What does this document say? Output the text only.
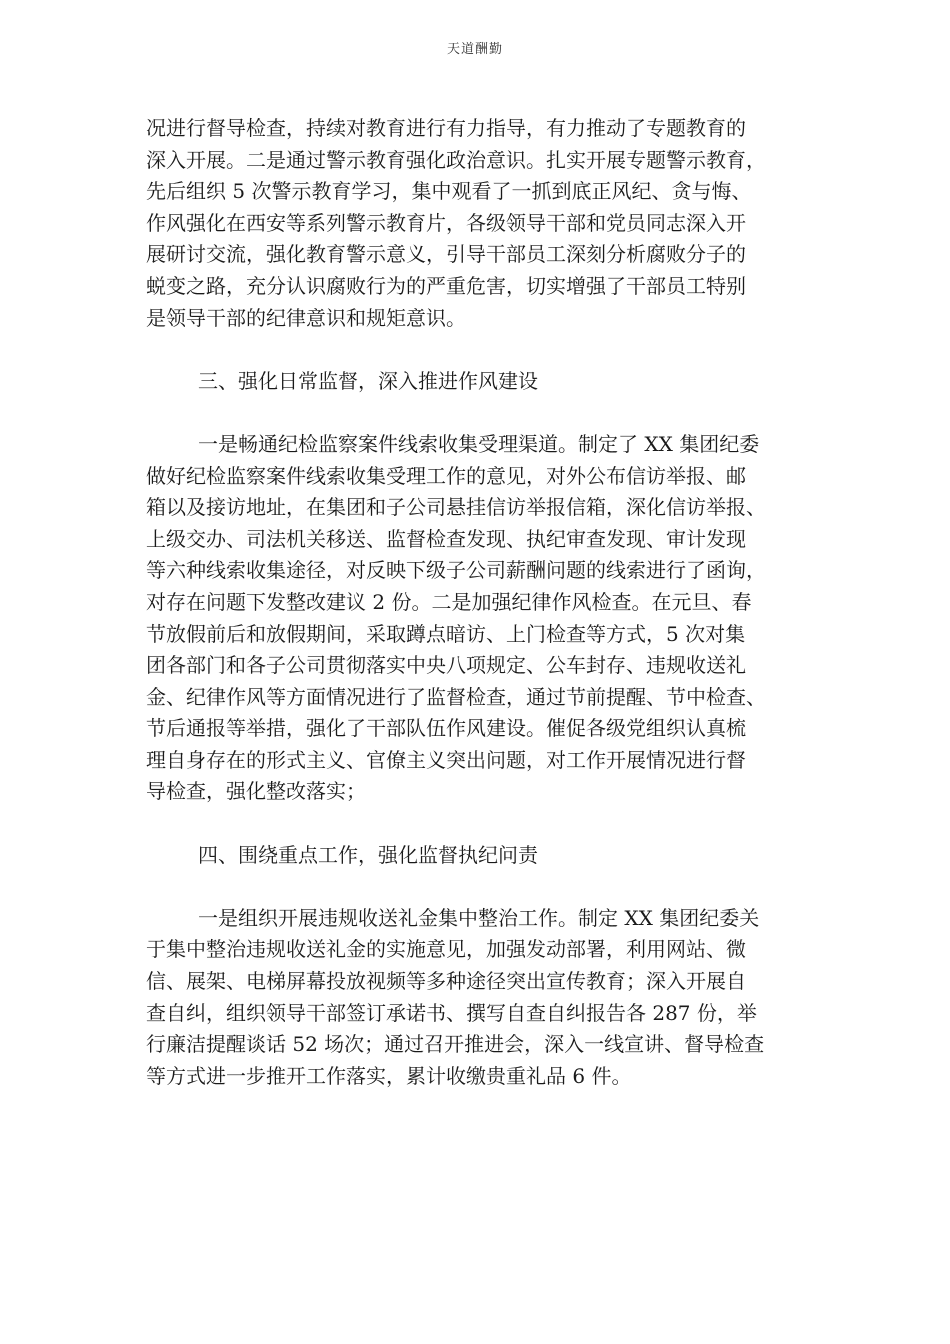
天道酬勤
况进行督导检查，持续对教育进行有力指导，有力推动了专题教育的
深入开展。二是通过警示教育强化政治意识。扎实开展专题警示教育，
先后组织 5 次警示教育学习，集中观看了一抓到底正风纪、贪与悔、
作风强化在西安等系列警示教育片，各级领导干部和党员同志深入开
展研讨交流，强化教育警示意义，引导干部员工深刻分析腐败分子的
蜕变之路，充分认识腐败行为的严重危害，切实增强了干部员工特别
是领导干部的纪律意识和规矩意识。
三、强化日常监督，深入推进作风建设
一是畅通纪检监察案件线索收集受理渠道。制定了 XX 集团纪委
做好纪检监察案件线索收集受理工作的意见，对外公布信访举报、邮
箱以及接访地址，在集团和子公司悬挂信访举报信箱，深化信访举报、
上级交办、司法机关移送、监督检查发现、执纪审查发现、审计发现
等六种线索收集途径，对反映下级子公司薪酬问题的线索进行了函询，
对存在问题下发整改建议 2 份。二是加强纪律作风检查。在元旦、春
节放假前后和放假期间，采取蹲点暗访、上门检查等方式，5 次对集
团各部门和各子公司贯彻落实中央八项规定、公车封存、违规收送礼
金、纪律作风等方面情况进行了监督检查，通过节前提醒、节中检查、
节后通报等举措，强化了干部队伍作风建设。催促各级党组织认真梳
理自身存在的形式主义、官僚主义突出问题，对工作开展情况进行督
导检查，强化整改落实；
四、围绕重点工作，强化监督执纪问责
一是组织开展违规收送礼金集中整治工作。制定 XX 集团纪委关
于集中整治违规收送礼金的实施意见，加强发动部署，利用网站、微
信、展架、电梯屏幕投放视频等多种途径突出宣传教育；深入开展自
查自纠，组织领导干部签订承诺书、撰写自查自纠报告各 287 份，举
行廉洁提醒谈话 52 场次；通过召开推进会，深入一线宣讲、督导检查
等方式进一步推开工作落实，累计收缴贵重礼品 6 件。
